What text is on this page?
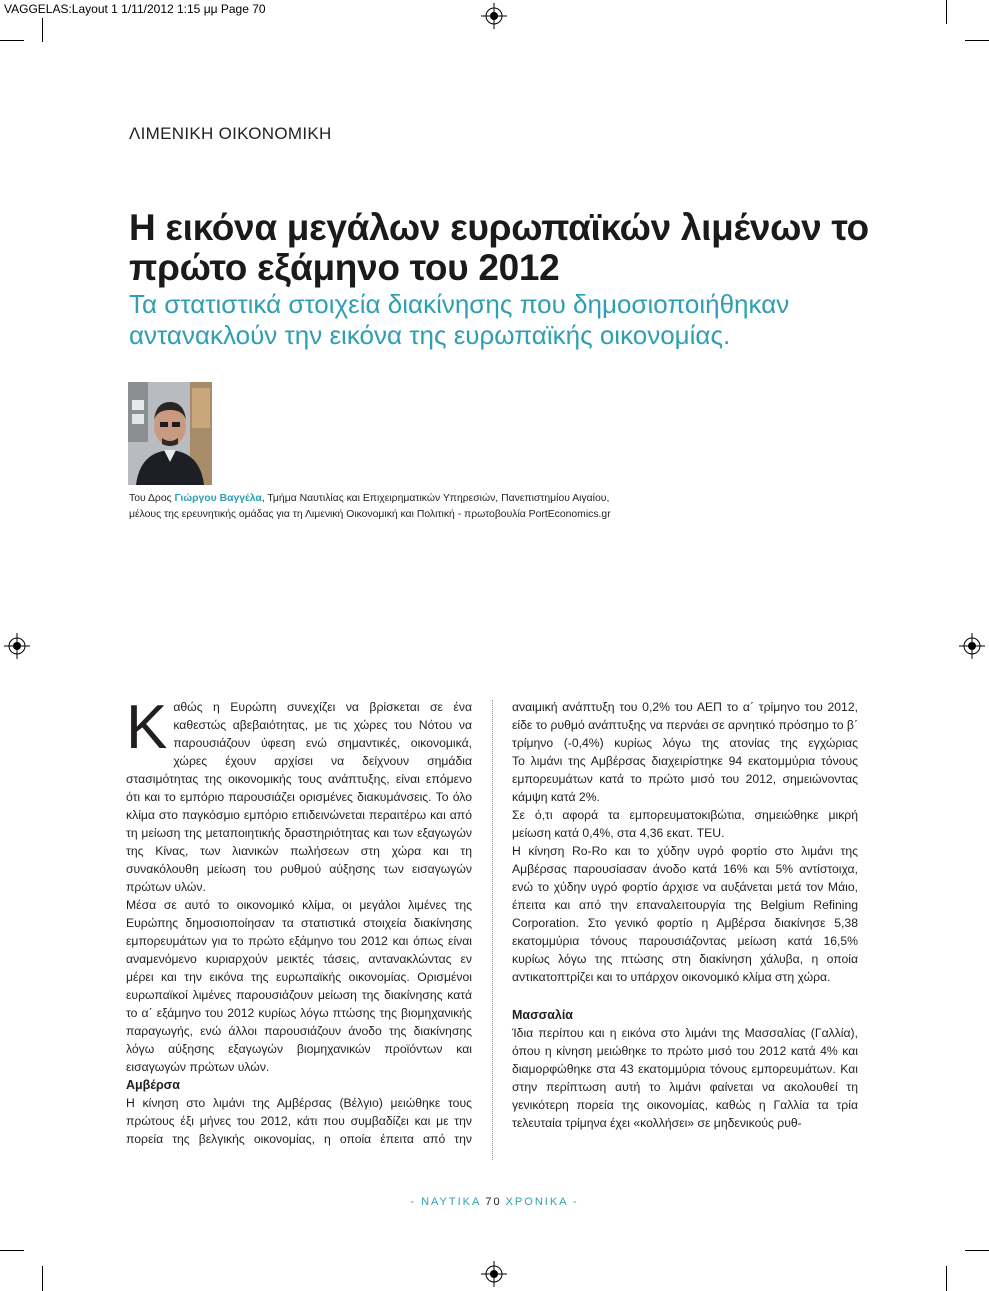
VAGGELAS:Layout 1 1/11/2012 1:15 μμ Page 70
ΛΙΜΕΝΙΚΗ ΟΙΚΟΝΟΜΙΚΗ
Η εικόνα μεγάλων ευρωπαϊκών λιμένων το πρώτο εξάμηνο του 2012

Τα στατιστικά στοιχεία διακίνησης που δημοσιοποιήθηκαν αντανακλούν την εικόνα της ευρωπαϊκής οικονομίας.

Του Δρος Γιώργου Βαγγέλα, Τμήμα Ναυτιλίας και Επιχειρηματικών Υπηρεσιών, Πανεπιστημίου Αιγαίου,
μέλους της ερευνητικής ομάδας για τη Λιμενική Οικονομική και Πολιτική - πρωτοβουλία PortEconomics.gr

Καθώς η Ευρώπη συνεχίζει να βρίσκεται σε ένα καθεστώς αβεβαιότητας, με τις χώρες του Νότου να παρουσιάζουν ύφεση ενώ σημαντικές, οικονομικά, χώρες έχουν αρχίσει να δείχνουν σημάδια στασιμότητας της οικονομικής τους ανάπτυξης, είναι επόμενο ότι και το εμπόριο παρουσιάζει ορισμένες διακυμάνσεις. Το όλο κλίμα στο παγκόσμιο εμπόριο επιδεινώνεται περαιτέρω και από τη μείωση της μεταποιητικής δραστηριότητας και των εξαγωγών της Κίνας, των λιανικών πωλήσεων στη χώρα και τη συνακόλουθη μείωση του ρυθμού αύξησης των εισαγωγών πρώτων υλών.

Μέσα σε αυτό το οικονομικό κλίμα, οι μεγάλοι λιμένες της Ευρώπης δημοσιοποίησαν τα στατιστικά στοιχεία διακίνησης εμπορευμάτων για το πρώτο εξάμηνο του 2012 και όπως είναι αναμενόμενο κυριαρχούν μεικτές τάσεις, αντανακλώντας εν μέρει και την εικόνα της ευρωπαϊκής οικονομίας. Ορισμένοι ευρωπαϊκοί λιμένες παρουσιάζουν μείωση της διακίνησης κατά το α΄ εξάμηνο του 2012 κυρίως λόγω πτώσης της βιομηχανικής παραγωγής, ενώ άλλοι παρουσιάζουν άνοδο της διακίνησης λόγω αύξησης εξαγωγών βιομηχανικών προϊόντων και εισαγωγών πρώτων υλών.

Αμβέρσα

Η κίνηση στο λιμάνι της Αμβέρσας (Βέλγιο) μειώθηκε τους πρώτους έξι μήνες του 2012, κάτι που συμβαδίζει και με την πορεία της βελγικής οικονομίας, η οποία έπειτα από την

αναιμική ανάπτυξη του 0,2% του ΑΕΠ το α΄ τρίμηνο του 2012, είδε το ρυθμό ανάπτυξης να περνάει σε αρνητικό πρόσημο το β΄ τρίμηνο (-0,4%) κυρίως λόγω της ατονίας της εγχώριας

Το λιμάνι της Αμβέρσας διαχειρίστηκε 94 εκατομμύρια τόνους εμπορευμάτων κατά το πρώτο μισό του 2012, σημειώνοντας κάμψη κατά 2%.

Σε ό,τι αφορά τα εμπορευματοκιβώτια, σημειώθηκε μικρή μείωση κατά 0,4%, στα 4,36 εκατ. TEU.

Η κίνηση Ro-Ro και το χύδην υγρό φορτίο στο λιμάνι της Αμβέρσας παρουσίασαν άνοδο κατά 16% και 5% αντίστοιχα, ενώ το χύδην υγρό φορτίο άρχισε να αυξάνεται μετά τον Μάιο, έπειτα και από την επαναλειτουργία της Belgium Refining Corporation. Στο γενικό φορτίο η Αμβέρσα διακίνησε 5,38 εκατομμύρια τόνους παρουσιάζοντας μείωση κατά 16,5% κυρίως λόγω της πτώσης στη διακίνηση χάλυβα, η οποία αντικατοπτρίζει και το υπάρχον οικονομικό κλίμα στη χώρα.

Μασσαλία

Ίδια περίπου και η εικόνα στο λιμάνι της Μασσαλίας (Γαλλία), όπου η κίνηση μειώθηκε το πρώτο μισό του 2012 κατά 4% και διαμορφώθηκε στα 43 εκατομμύρια τόνους εμπορευμάτων. Και στην περίπτωση αυτή το λιμάνι φαίνεται να ακολουθεί τη γενικότερη πορεία της οικονομίας, καθώς η Γαλλία τα τρία τελευταία τρίμηνα έχει «κολλήσει» σε μηδενικούς ρυθ-

- ΝΑΥΤΙΚΑ 70 ΧΡΟΝΙΚΑ -
